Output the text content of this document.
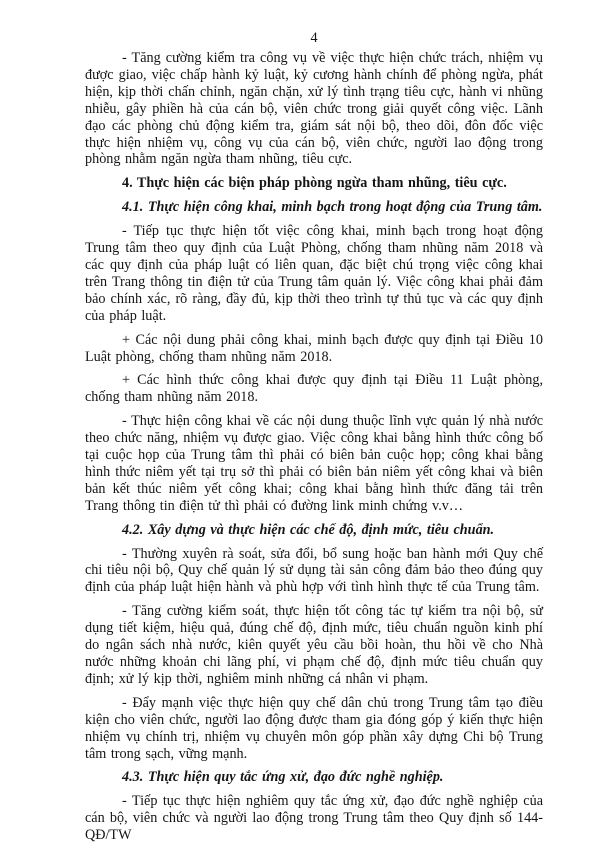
4

- Tăng cường kiểm tra công vụ về việc thực hiện chức trách, nhiệm vụ được giao, việc chấp hành kỷ luật, kỷ cương hành chính để phòng ngừa, phát hiện, kịp thời chấn chỉnh, ngăn chặn, xử lý tình trạng tiêu cực, hành vi nhũng nhiễu, gây phiền hà của cán bộ, viên chức trong giải quyết công việc. Lãnh đạo các phòng chủ động kiểm tra, giám sát nội bộ, theo dõi, đôn đốc việc thực hiện nhiệm vụ, công vụ của cán bộ, viên chức, người lao động trong phòng nhằm ngăn ngừa tham nhũng, tiêu cực.

4. Thực hiện các biện pháp phòng ngừa tham nhũng, tiêu cực.

4.1. Thực hiện công khai, minh bạch trong hoạt động của Trung tâm.

- Tiếp tục thực hiện tốt việc công khai, minh bạch trong hoạt động Trung tâm theo quy định của Luật Phòng, chống tham nhũng năm 2018 và các quy định của pháp luật có liên quan, đặc biệt chú trọng việc công khai trên Trang thông tin điện tử của Trung tâm quản lý. Việc công khai phải đảm bảo chính xác, rõ ràng, đầy đủ, kịp thời theo trình tự thủ tục và các quy định của pháp luật.

+ Các nội dung phải công khai, minh bạch được quy định tại Điều 10 Luật phòng, chống tham nhũng năm 2018.

+ Các hình thức công khai được quy định tại Điều 11 Luật phòng, chống tham nhũng năm 2018.

- Thực hiện công khai về các nội dung thuộc lĩnh vực quản lý nhà nước theo chức năng, nhiệm vụ được giao. Việc công khai bằng hình thức công bố tại cuộc họp của Trung tâm thì phải có biên bản cuộc họp; công khai bằng hình thức niêm yết tại trụ sở thì phải có biên bản niêm yết công khai và biên bản kết thúc niêm yết công khai; công khai bằng hình thức đăng tải trên Trang thông tin điện tử thì phải có đường link minh chứng v.v…

4.2. Xây dựng và thực hiện các chế độ, định mức, tiêu chuẩn.

- Thường xuyên rà soát, sửa đổi, bổ sung hoặc ban hành mới Quy chế chi tiêu nội bộ, Quy chế quản lý sử dụng tài sản công đảm bảo theo đúng quy định của pháp luật hiện hành và phù hợp với tình hình thực tế của Trung tâm.

- Tăng cường kiểm soát, thực hiện tốt công tác tự kiểm tra nội bộ, sử dụng tiết kiệm, hiệu quả, đúng chế độ, định mức, tiêu chuẩn nguồn kinh phí do ngân sách nhà nước, kiên quyết yêu cầu bồi hoàn, thu hồi về cho Nhà nước những khoản chi lãng phí, vi phạm chế độ, định mức tiêu chuẩn quy định; xử lý kịp thời, nghiêm minh những cá nhân vi phạm.

- Đẩy mạnh việc thực hiện quy chế dân chủ trong Trung tâm tạo điều kiện cho viên chức, người lao động được tham gia đóng góp ý kiến thực hiện nhiệm vụ chính trị, nhiệm vụ chuyên môn góp phần xây dựng Chi bộ Trung tâm trong sạch, vững mạnh.

4.3. Thực hiện quy tắc ứng xử, đạo đức nghề nghiệp.

- Tiếp tục thực hiện nghiêm quy tắc ứng xử, đạo đức nghề nghiệp của cán bộ, viên chức và người lao động trong Trung tâm theo Quy định số 144-QĐ/TW
